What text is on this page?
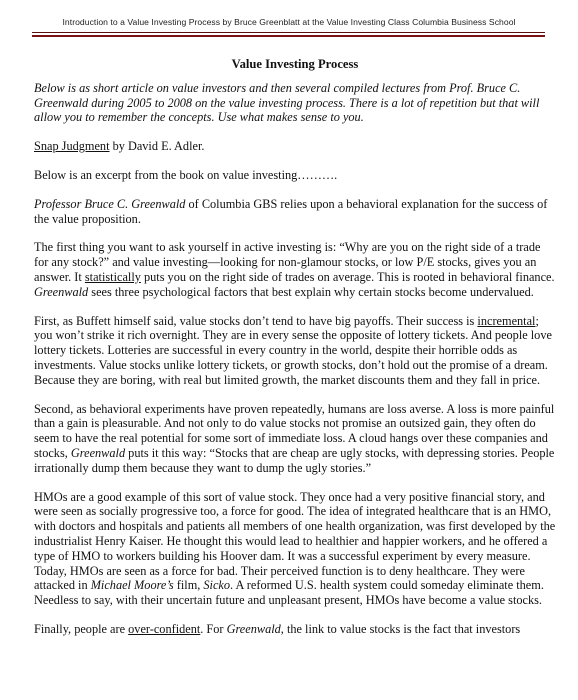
Introduction to a Value Investing Process by Bruce Greenblatt at the Value Investing Class Columbia Business School
Value Investing Process

Below is as short article on value investors and then several compiled lectures from Prof. Bruce C. Greenwald during 2005 to 2008 on the value investing process. There is a lot of repetition but that will allow you to remember the concepts. Use what makes sense to you.

Snap Judgment by David E. Adler.

Below is an excerpt from the book on value investing……….

Professor Bruce C. Greenwald of Columbia GBS relies upon a behavioral explanation for the success of the value proposition.

The first thing you want to ask yourself in active investing is: “Why are you on the right side of a trade for any stock?” and value investing—looking for non-glamour stocks, or low P/E stocks, gives you an answer. It statistically puts you on the right side of trades on average. This is rooted in behavioral finance. Greenwald sees three psychological factors that best explain why certain stocks become undervalued.

First, as Buffett himself said, value stocks don’t tend to have big payoffs. Their success is incremental; you won’t strike it rich overnight. They are in every sense the opposite of lottery tickets. And people love lottery tickets. Lotteries are successful in every country in the world, despite their horrible odds as investments. Value stocks unlike lottery tickets, or growth stocks, don’t hold out the promise of a dream. Because they are boring, with real but limited growth, the market discounts them and they fall in price.

Second, as behavioral experiments have proven repeatedly, humans are loss averse. A loss is more painful than a gain is pleasurable. And not only to do value stocks not promise an outsized gain, they often do seem to have the real potential for some sort of immediate loss. A cloud hangs over these companies and stocks, Greenwald puts it this way: “Stocks that are cheap are ugly stocks, with depressing stories. People irrationally dump them because they want to dump the ugly stories.”

HMOs are a good example of this sort of value stock. They once had a very positive financial story, and were seen as socially progressive too, a force for good. The idea of integrated healthcare that is an HMO, with doctors and hospitals and patients all members of one health organization, was first developed by the industrialist Henry Kaiser. He thought this would lead to healthier and happier workers, and he offered a type of HMO to workers building his Hoover dam. It was a successful experiment by every measure. Today, HMOs are seen as a force for bad. Their perceived function is to deny healthcare. They were attacked in Michael Moore’s film, Sicko. A reformed U.S. health system could someday eliminate them. Needless to say, with their uncertain future and unpleasant present, HMOs have become a value stocks.

Finally, people are over-confident. For Greenwald, the link to value stocks is the fact that investors
